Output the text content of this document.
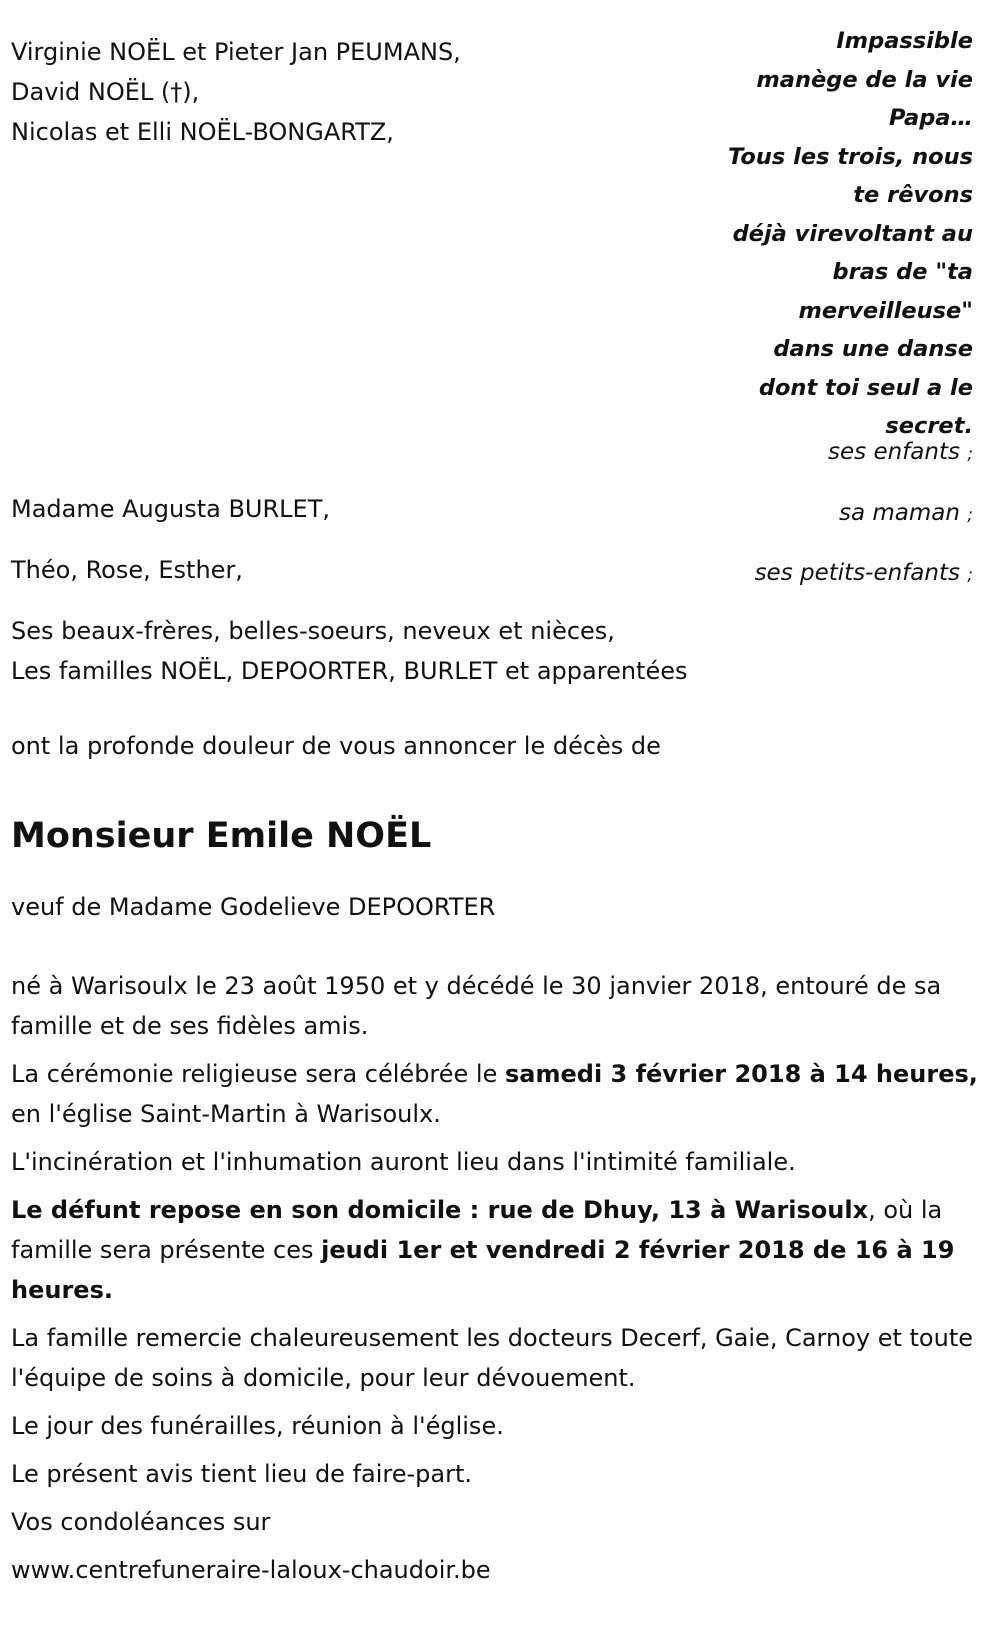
Virginie NOËL et Pieter Jan PEUMANS,
David NOËL (†),
Nicolas et Elli NOËL-BONGARTZ,
Impassible
manège de la vie
Papa…
Tous les trois, nous
te rêvons
déjà virevoltant au
bras de "ta
merveilleuse"
dans une danse
dont toi seul a le
secret.
ses enfants ;
sa maman ;
ses petits-enfants ;
Madame Augusta BURLET,
Théo, Rose, Esther,
Ses beaux-frères, belles-soeurs, neveux et nièces,
Les familles NOËL, DEPOORTER, BURLET et apparentées
ont la profonde douleur de vous annoncer le décès de
Monsieur Emile NOËL
veuf de Madame Godelieve DEPOORTER

né à Warisoulx le 23 août 1950 et y décédé le 30 janvier 2018, entouré de sa famille et de ses fidèles amis.

La cérémonie religieuse sera célébrée le samedi 3 février 2018 à 14 heures, en l'église Saint-Martin à Warisoulx.

L'incinération et l'inhumation auront lieu dans l'intimité familiale.

Le défunt repose en son domicile : rue de Dhuy, 13 à Warisoulx, où la famille sera présente ces jeudi 1er et vendredi 2 février 2018 de 16 à 19 heures.

La famille remercie chaleureusement les docteurs Decerf, Gaie, Carnoy et toute l'équipe de soins à domicile, pour leur dévouement.

Le jour des funérailles, réunion à l'église.

Le présent avis tient lieu de faire-part.

Vos condoléances sur

www.centrefuneraire-laloux-chaudoir.be
